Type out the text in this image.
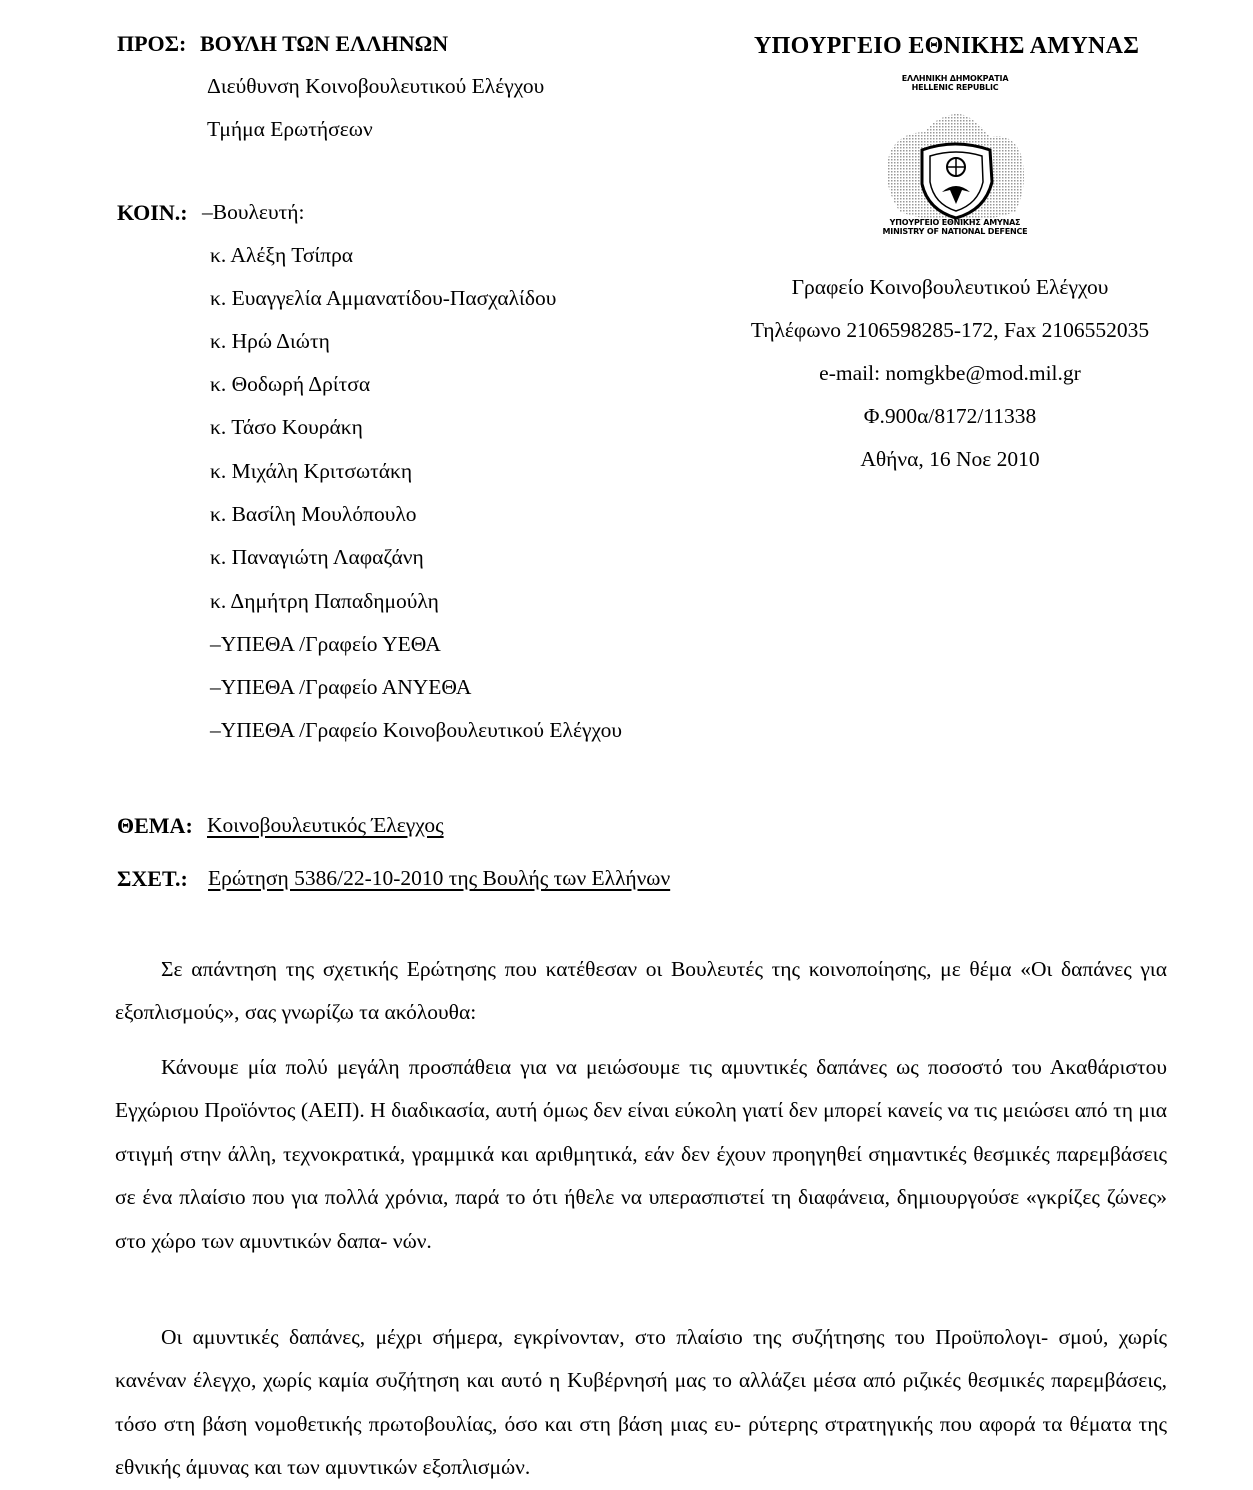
ΠΡΟΣ: ΒΟΥΛΗ ΤΩΝ ΕΛΛΗΝΩΝ
Διεύθυνση Κοινοβουλευτικού Ελέγχου
Τμήμα Ερωτήσεων
ΚΟΙΝ.: –Βουλευτή:
κ. Αλέξη Τσίπρα
κ. Ευαγγελία Αμμανατίδου-Πασχαλίδου
κ. Ηρώ Διώτη
κ. Θοδωρή Δρίτσα
κ. Τάσο Κουράκη
κ. Μιχάλη Κριτσωτάκη
κ. Βασίλη Μουλόπουλο
κ. Παναγιώτη Λαφαζάνη
κ. Δημήτρη Παπαδημούλη
–ΥΠΕΘΑ /Γραφείο ΥΕΘΑ
–ΥΠΕΘΑ /Γραφείο ΑΝΥΕΘΑ
–ΥΠΕΘΑ /Γραφείο Κοινοβουλευτικού Ελέγχου
ΥΠΟΥΡΓΕΙΟ ΕΘΝΙΚΗΣ ΑΜΥΝΑΣ
ΕΛΛΗΝΙΚΗ ΔΗΜΟΚΡΑΤΙΑ
HELLENIC REPUBLIC
ΥΠΟΥΡΓΕΙΟ ΕΘΝΙΚΗΣ ΑΜΥΝΑΣ
MINISTRY OF NATIONAL DEFENCE
Γραφείο Κοινοβουλευτικού Ελέγχου
Τηλέφωνο 2106598285-172, Fax 2106552035
e-mail: nomgkbe@mod.mil.gr
Φ.900α/8172/11338
Αθήνα, 16 Νοε 2010
ΘΕΜΑ: Κοινοβουλευτικός Έλεγχος
ΣΧΕΤ.: Ερώτηση 5386/22-10-2010 της Βουλής των Ελλήνων
Σε απάντηση της σχετικής Ερώτησης που κατέθεσαν οι Βουλευτές της κοινοποίησης, με θέμα «Οι δαπάνες για εξοπλισμούς», σας γνωρίζω τα ακόλουθα:
Κάνουμε μία πολύ μεγάλη προσπάθεια για να μειώσουμε τις αμυντικές δαπάνες ως ποσοστό του Ακαθάριστου Εγχώριου Προϊόντος (ΑΕΠ). Η διαδικασία, αυτή όμως δεν είναι εύκολη γιατί δεν μπορεί κανείς να τις μειώσει από τη μια στιγμή στην άλλη, τεχνοκρατικά, γραμμικά και αριθμητικά, εάν δεν έχουν προηγηθεί σημαντικές θεσμικές παρεμβάσεις σε ένα πλαίσιο που για πολλά χρόνια, παρά το ότι ήθελε να υπερασπιστεί τη διαφάνεια, δημιουργούσε «γκρίζες ζώνες» στο χώρο των αμυντικών δαπα- νών.
Οι αμυντικές δαπάνες, μέχρι σήμερα, εγκρίνονταν, στο πλαίσιο της συζήτησης του Προϋπολογι- σμού, χωρίς κανέναν έλεγχο, χωρίς καμία συζήτηση και αυτό η Κυβέρνησή μας το αλλάζει μέσα από ριζικές θεσμικές παρεμβάσεις, τόσο στη βάση νομοθετικής πρωτοβουλίας, όσο και στη βάση μιας ευ- ρύτερης στρατηγικής που αφορά τα θέματα της εθνικής άμυνας και των αμυντικών εξοπλισμών.
